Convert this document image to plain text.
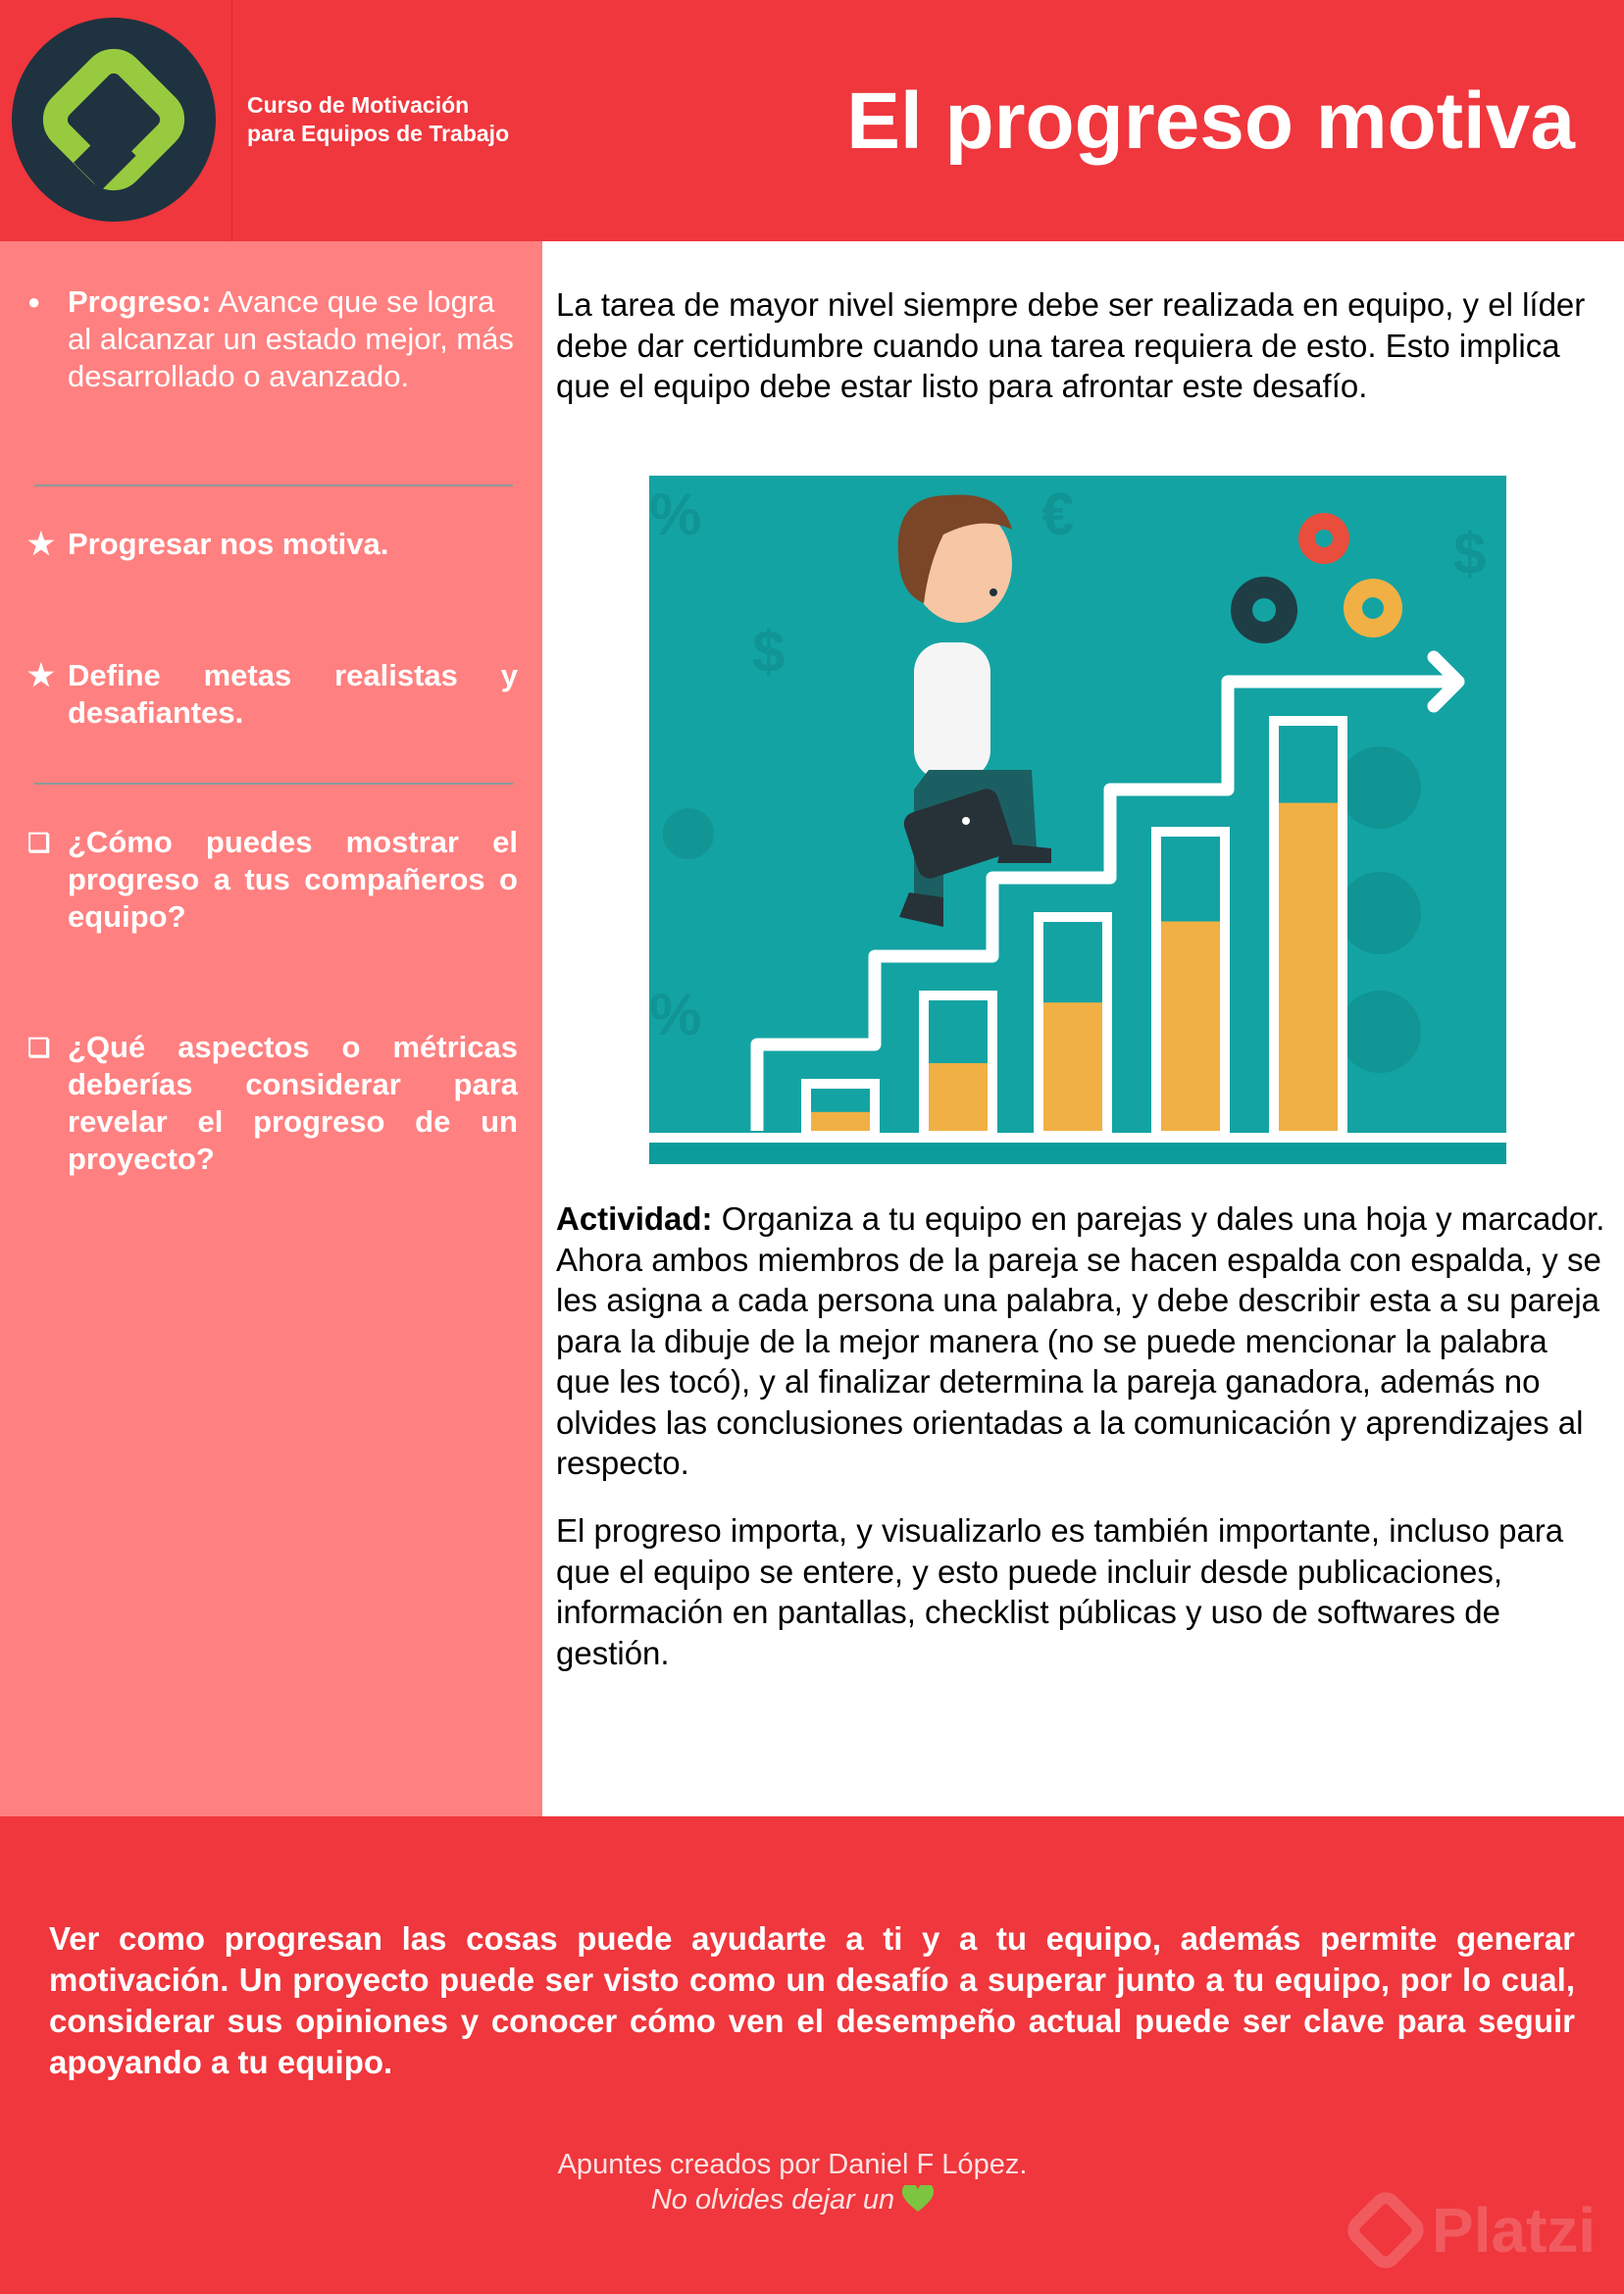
Curso de Motivación
para Equipos de Trabajo	El progreso motiva
● Progreso: Avance que se logra al alcanzar un estado mejor, más desarrollado o avanzado.
★ Progresar nos motiva.
★ Define metas realistas y desafiantes.
❏ ¿Cómo puedes mostrar el progreso a tus compañeros o equipo?
❏ ¿Qué aspectos o métricas deberías considerar para revelar el progreso de un proyecto?

La tarea de mayor nivel siempre debe ser realizada en equipo, y el líder debe dar certidumbre cuando una tarea requiera de esto. Esto implica que el equipo debe estar listo para afrontar este desafío.

%
$
€
$
%

Actividad: Organiza a tu equipo en parejas y dales una hoja y marcador. Ahora ambos miembros de la pareja se hacen espalda con espalda, y se les asigna a cada persona una palabra, y debe describir esta a su pareja para la dibuje de la mejor manera (no se puede mencionar la palabra que les tocó), y al finalizar determina la pareja ganadora, además no olvides las conclusiones orientadas a la comunicación y aprendizajes al respecto.

El progreso importa, y visualizarlo es también importante, incluso para que el equipo se entere, y esto puede incluir desde publicaciones, información en pantallas, checklist públicas y uso de softwares de gestión.

Ver como progresan las cosas puede ayudarte a ti y a tu equipo, además permite generar motivación. Un proyecto puede ser visto como un desafío a superar junto a tu equipo, por lo cual, considerar sus opiniones y conocer cómo ven el desempeño actual puede ser clave para seguir apoyando a tu equipo.

Apuntes creados por Daniel F López.
No olvides dejar un	Platzi
